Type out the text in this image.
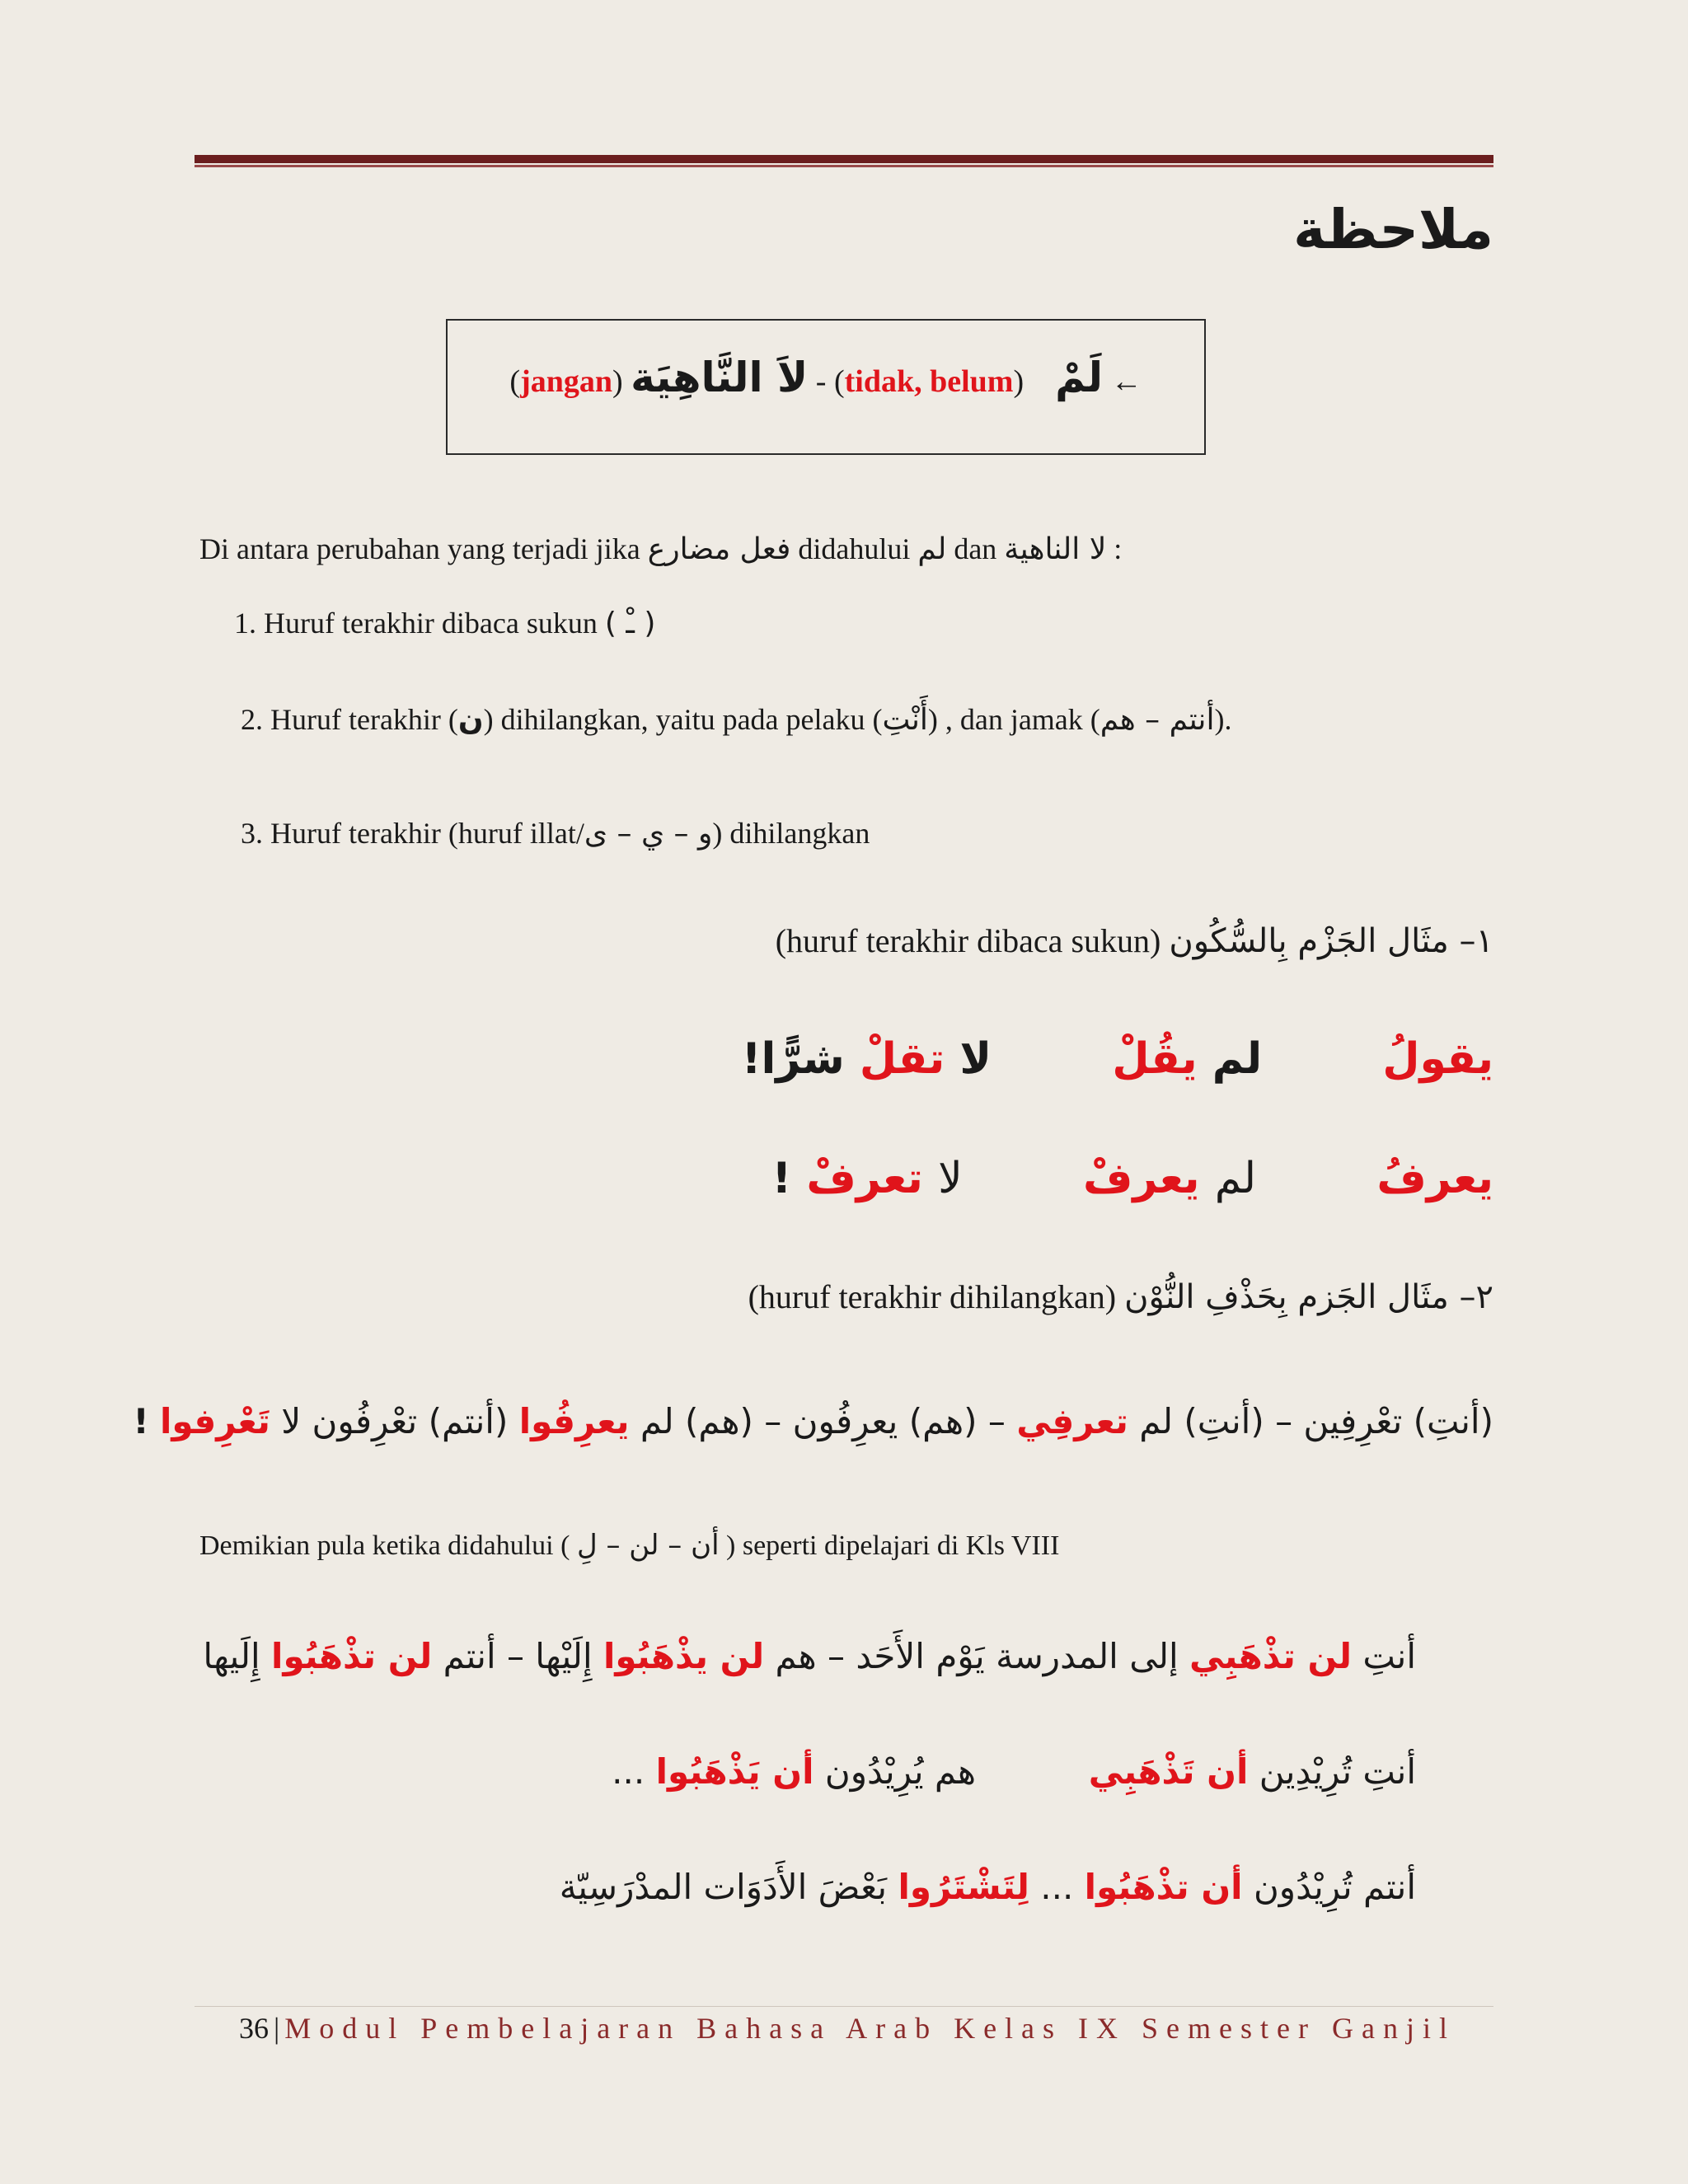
ملاحظة
(jangan) لاَ النَّاهِيَة - (tidak, belum) لَمْ ←
Di antara perubahan yang terjadi jika فعل مضارع didahului لم dan لا الناهية :
1. Huruf terakhir dibaca sukun ( ـْ )
2. Huruf terakhir (ن) dihilangkan, yaitu pada pelaku (أَنْتِ) , dan jamak (أنتم – هم).
3. Huruf terakhir (huruf illat/و – ي – ى) dihilangkan
١– مثَال الجَزْم بِالسُّكُون (huruf terakhir dibaca sukun)
يقولُ  لم يقُلْ  لا تقلْ شرًّا!
يعرفُ  لم يعرفْ  لا تعرفْ !
٢– مثَال الجَزم بِحَذْفِ النُّوْن (huruf terakhir dihilangkan)
(أنتِ) تعْرِفِين – (أنتِ) لم تعرفِي – (هم) يعرِفُون – (هم) لم يعرِفُوا (أنتم) تعْرِفُون لا تَعْرِفوا !
Demikian pula ketika didahului ( أن – لن – لِ ) seperti dipelajari di Kls VIII
أنتِ لن تذْهَبِي إلى المدرسة يَوْم الأَحَد – هم لن يذْهَبُوا إِلَيْها – أنتم لن تذْهَبُوا إِلَيها
أنتِ تُرِيْدِين أن تَذْهَبِي  هم يُرِيْدُون أن يَذْهَبُوا ...
أنتم تُرِيْدُون أن تذْهَبُوا ... لِتَشْتَرُوا بَعْضَ الأَدَوَات المدْرَسِيّة
36 | Modul Pembelajaran Bahasa Arab Kelas IX Semester Ganjil
